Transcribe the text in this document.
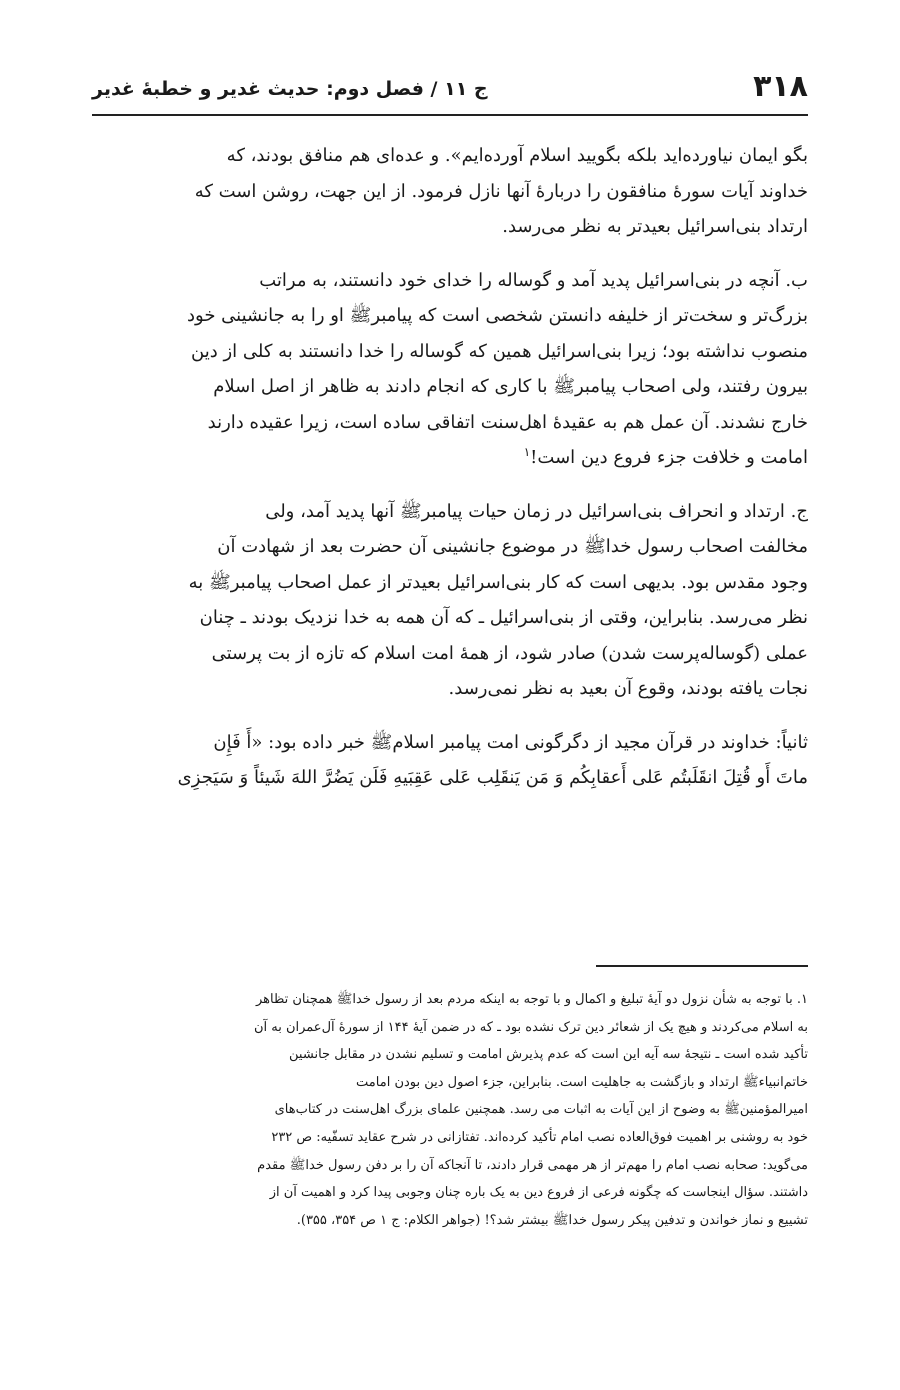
۳۱۸
ج ۱۱ / فصل دوم: حدیث غدیر و خطبهٔ غدیر

بگو ایمان نیاورده‌اید بلکه بگویید اسلام آورده‌ایم». و عده‌ای هم منافق بودند، که
خداوند آیات سورهٔ منافقون را دربارهٔ آنها نازل فرمود. از این جهت، روشن است که
ارتداد بنی‌اسرائیل بعیدتر به نظر می‌رسد.

ب. آنچه در بنی‌اسرائیل پدید آمد و گوساله را خدای خود دانستند، به مراتب
بزرگ‌تر و سخت‌تر از خلیفه دانستن شخصی است که پیامبرﷺ او را به جانشینی خود
منصوب نداشته بود؛ زیرا بنی‌اسرائیل همین که گوساله را خدا دانستند به کلی از دین
بیرون رفتند، ولی اصحاب پیامبرﷺ با کاری که انجام دادند به ظاهر از اصل اسلام
خارج نشدند. آن عمل هم به عقیدهٔ اهل‌سنت اتفاقی ساده است، زیرا عقیده دارند
امامت و خلافت جزء فروع دین است!$^۱$

ج. ارتداد و انحراف بنی‌اسرائیل در زمان حیات پیامبرﷺ آنها پدید آمد، ولی
مخالفت اصحاب رسول خداﷺ در موضوع جانشینی آن حضرت بعد از شهادت آن
وجود مقدس بود. بدیهی است که کار بنی‌اسرائیل بعیدتر از عمل اصحاب پیامبرﷺ به
نظر می‌رسد. بنابراین، وقتی از بنی‌اسرائیل ـ که آن همه به خدا نزدیک بودند ـ چنان
عملی (گوساله‌پرست شدن) صادر شود، از همهٔ امت اسلام که تازه از بت پرستی
نجات یافته بودند، وقوع آن بعید به نظر نمی‌رسد.

ثانیاً: خداوند در قرآن مجید از دگرگونی امت پیامبر اسلامﷺ خبر داده بود: «أَ فَإِن
ماتَ أَو قُتِلَ انقَلَبتُم عَلی أَعقابِکُم وَ مَن یَنقَلِب عَلی عَقِبَیهِ فَلَن یَضُرَّ اللهَ شَیئاً وَ سَیَجزِی

۱. با توجه به شأن نزول دو آیهٔ تبلیغ و اکمال و با توجه به اینکه مردم بعد از رسول خداﷺ همچنان تظاهر
به اسلام می‌کردند و هیچ یک از شعائر دین ترک نشده بود ـ که در ضمن آیهٔ ۱۴۴ از سورهٔ آل‌عمران به آن
تأکید شده است ـ نتیجهٔ سه آیه این است که عدم پذیرش امامت و تسلیم نشدن در مقابل جانشین
خاتم‌انبیاءﷺ ارتداد و بازگشت به جاهلیت است. بنابراین، جزء اصول دین بودن امامت
امیرالمؤمنینﷺ به وضوح از این آیات به اثبات می رسد. همچنین علمای بزرگ اهل‌سنت در کتاب‌های
خود به روشنی بر اهمیت فوق‌العاده نصب امام تأکید کرده‌اند. تفتازانی در شرح عقاید تسفّیه: ص ۲۳۲
می‌گوید: صحابه نصب امام را مهم‌تر از هر مهمی قرار دادند، تا آنجاکه آن را بر دفن رسول خداﷺ مقدم
داشتند. سؤال اینجاست که چگونه فرعی از فروع دین به یک باره چنان وجوبی پیدا کرد و اهمیت آن از
تشییع و نماز خواندن و تدفین پیکر رسول خداﷺ بیشتر شد؟! (جواهر الکلام: ج ۱ ص ۳۵۴، ۳۵۵).
